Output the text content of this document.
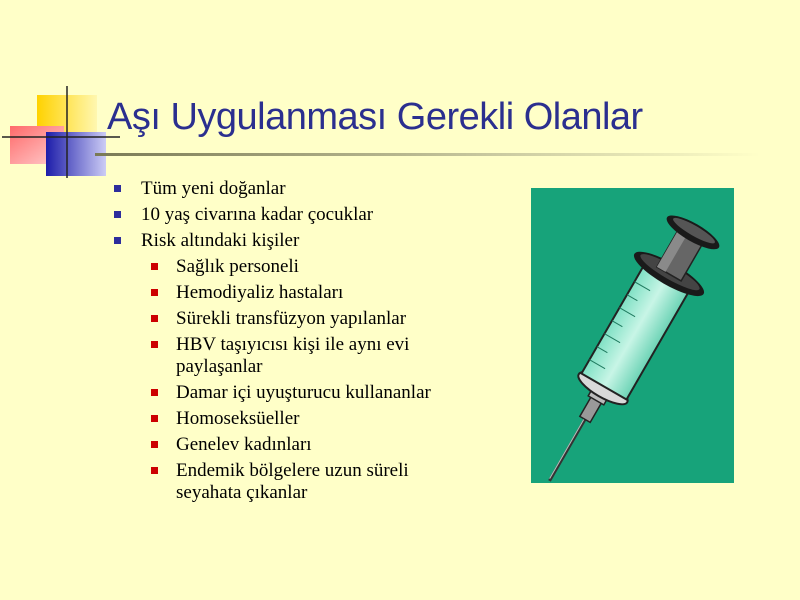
Aşı Uygulanması Gerekli Olanlar
Tüm yeni doğanlar
10 yaş civarına kadar çocuklar
Risk altındaki kişiler
Sağlık personeli
Hemodiyaliz hastaları
Sürekli transfüzyon yapılanlar
HBV taşıyıcısı kişi ile aynı evi paylaşanlar
Damar içi uyuşturucu kullananlar
Homoseksüeller
Genelev kadınları
Endemik bölgelere uzun süreli seyahata çıkanlar
